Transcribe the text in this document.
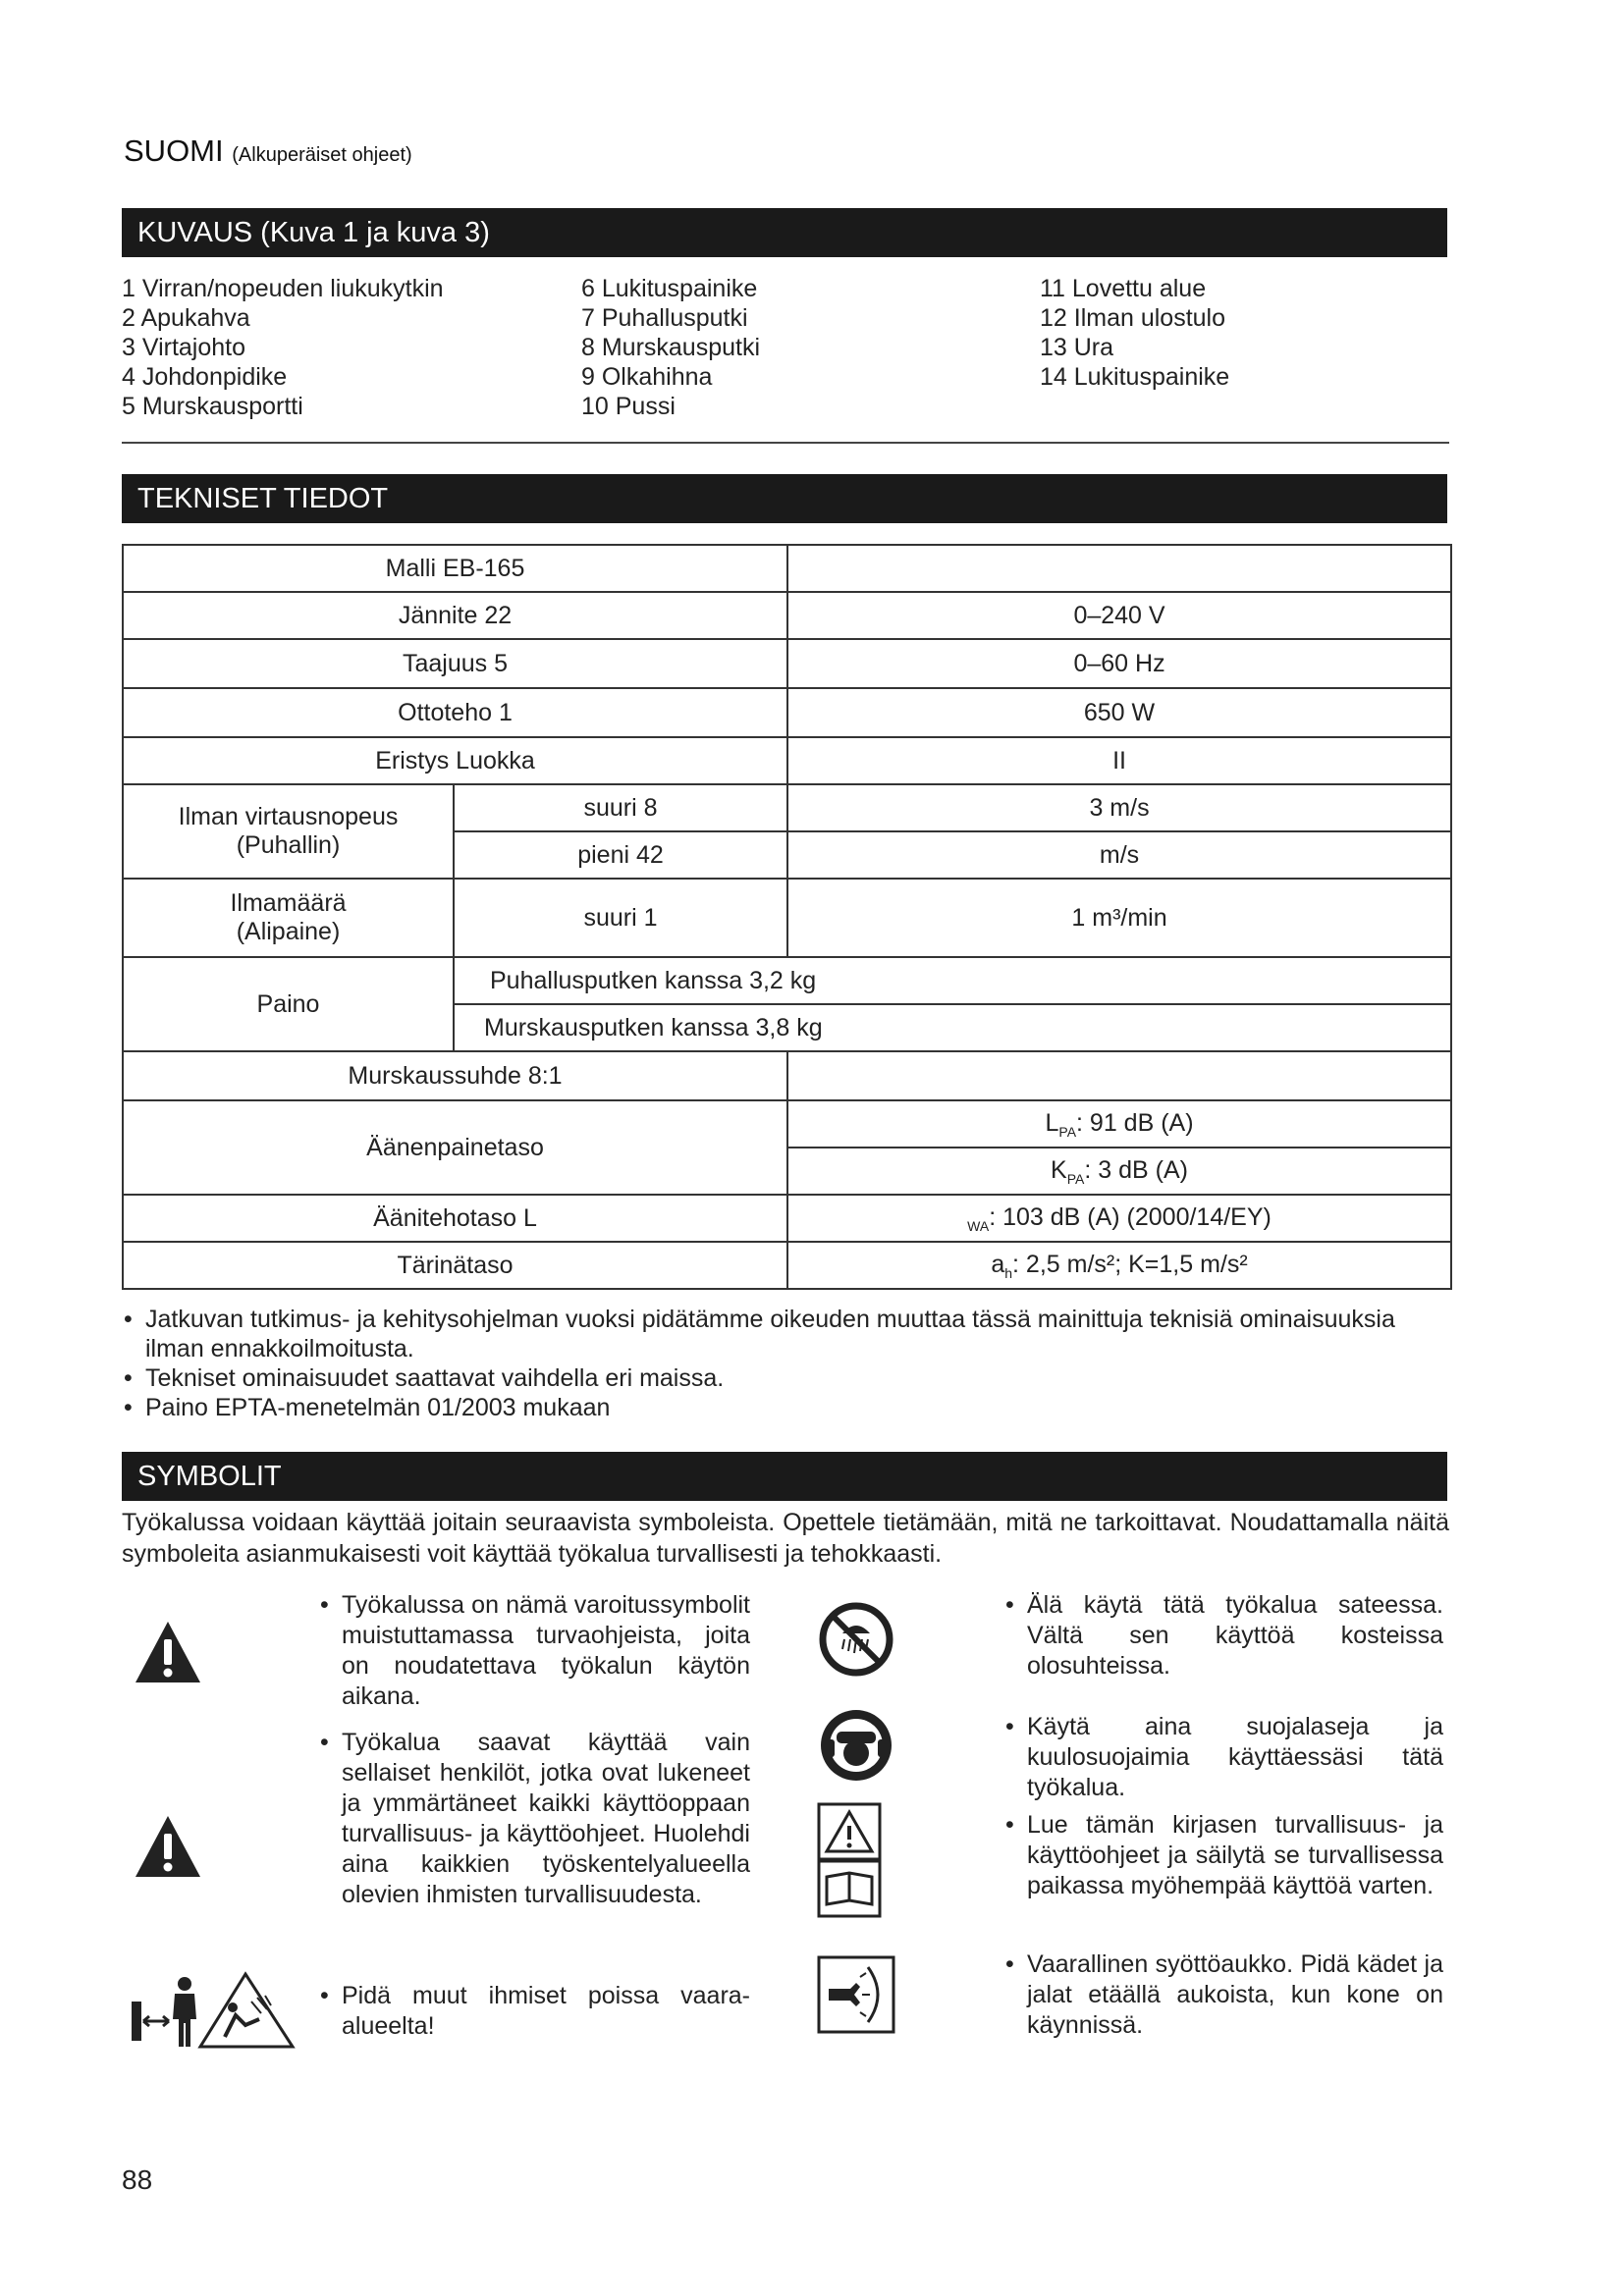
SUOMI (Alkuperäiset ohjeet)
KUVAUS (Kuva 1 ja kuva 3)
1 Virran/nopeuden liukukytkin
2 Apukahva
3 Virtajohto
4 Johdonpidike
5 Murskausportti
6 Lukituspainike
7 Puhallusputki
8 Murskausputki
9 Olkahihna
10 Pussi
11 Lovettu alue
12 Ilman ulostulo
13 Ura
14 Lukituspainike
TEKNISET TIEDOT
Malli EB-165		
Jännite 22		0–240 V
Taajuus 5		0–60 Hz
Ottoteho 1		650 W
Eristys Luokka		II

Ilman virtausnopeus
(Puhallin)	suuri 8	3 m/s
	pieni 42	m/s

Ilmamäärä
(Alipaine)	suuri 1	1 m³/min
Paino	Puhallusputken kanssa 3,2 kg	
	Murskausputken kanssa 3,8 kg	
Murskaussuhde 8:1		
Äänenpainetaso		$L_{PA}$: 91 dB (A)
		$K_{PA}$: 3 dB (A)
Äänitehotaso L		$_{WA}$: 103 dB (A) (2000/14/EY)
Tärinätaso		$a_h$: 2,5 m/s²; K=1,5 m/s²
• Jatkuvan tutkimus- ja kehitysohjelman vuoksi pidätämme oikeuden muuttaa tässä mainittuja teknisiä ominaisuuksia ilman ennakkoilmoitusta.
• Tekniset ominaisuudet saattavat vaihdella eri maissa.
• Paino EPTA-menetelmän 01/2003 mukaan
SYMBOLIT
Työkalussa voidaan käyttää joitain seuraavista symboleista. Opettele tietämään, mitä ne tarkoittavat. Noudattamalla näitä symboleita asianmukaisesti voit käyttää työkalua turvallisesti ja tehokkaasti.
• Työkalussa on nämä varoitussymbolit muistuttamassa turvaohjeista, joita on noudatettava työkalun käytön aikana.
• Työkalua saavat käyttää vain sellaiset henkilöt, jotka ovat lukeneet ja ymmärtäneet kaikki käyttöoppaan turvallisuus- ja käyttöohjeet. Huolehdi aina kaikkien työskentelyalueella olevien ihmisten turvallisuudesta.
• Pidä muut ihmiset poissa vaara-alueelta!
• Älä käytä tätä työkalua sateessa. Vältä sen käyttöä kosteissa olosuhteissa.
• Käytä aina suojalaseja ja kuulosuojaimia käyttäessäsi tätä työkalua.
• Lue tämän kirjasen turvallisuus- ja käyttöohjeet ja säilytä se turvallisessa paikassa myöhempää käyttöä varten.
• Vaarallinen syöttöaukko. Pidä kädet ja jalat etäällä aukoista, kun kone on käynnissä.
88
